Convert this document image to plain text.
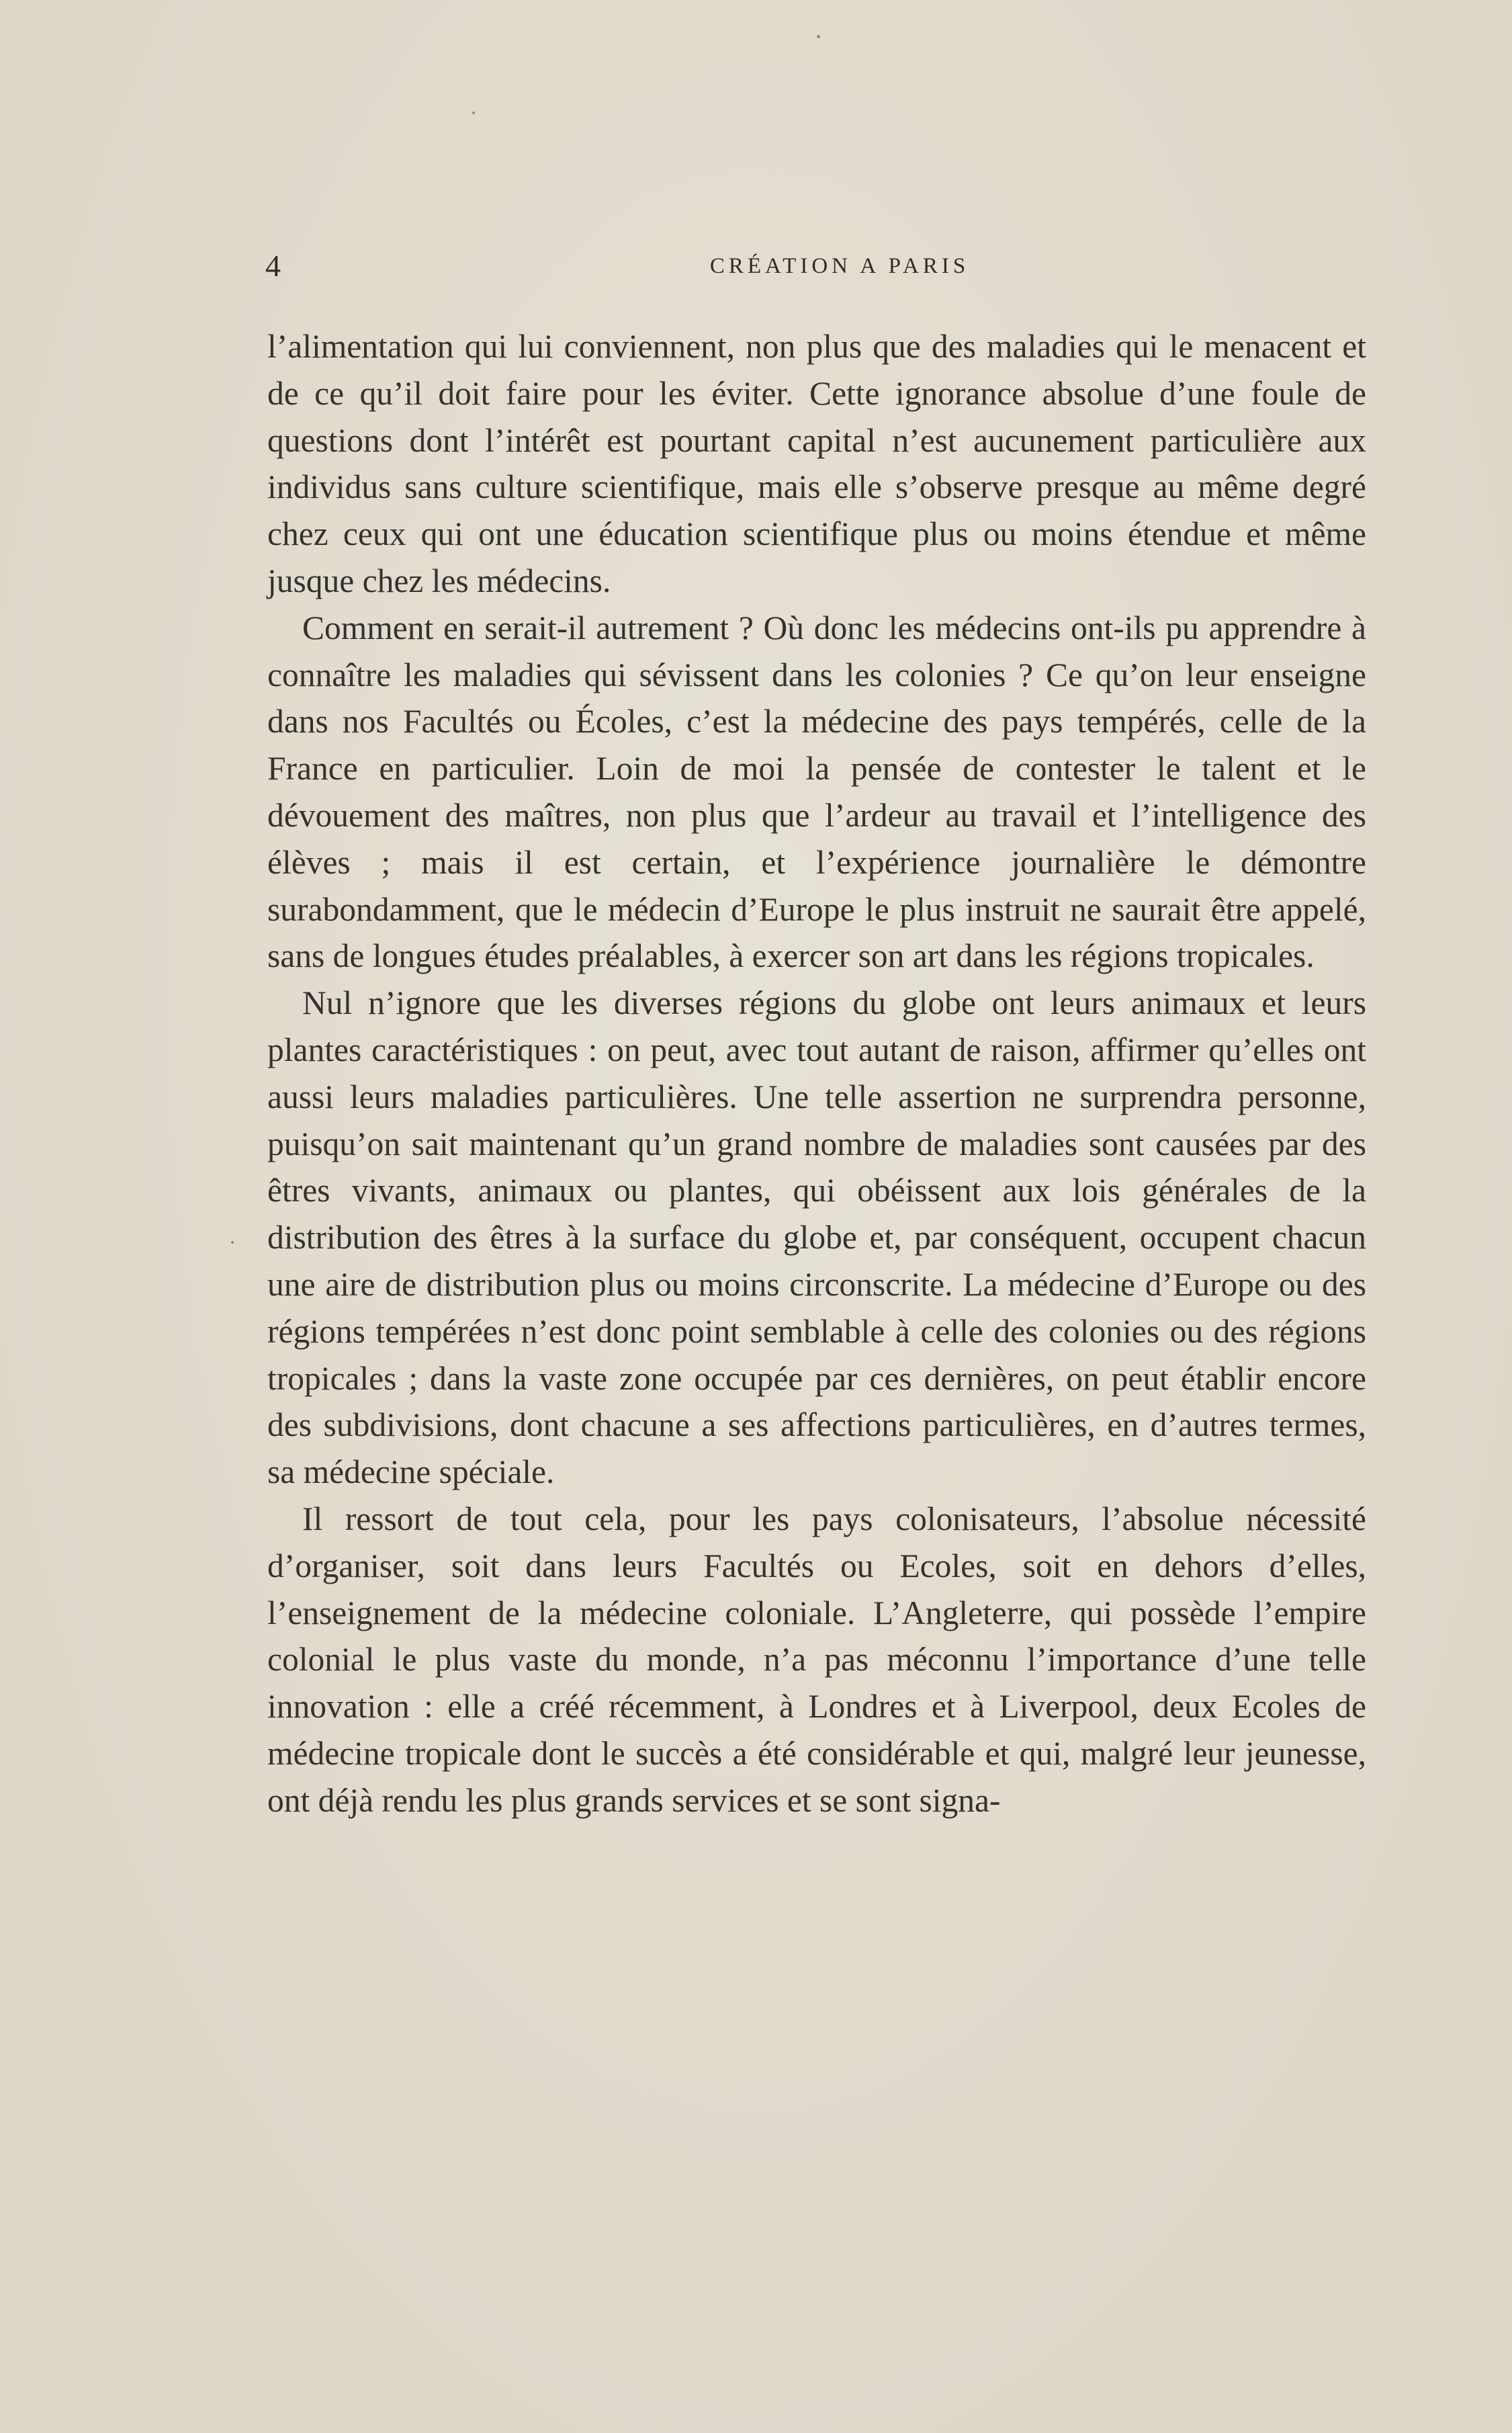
4	CRÉATION A PARIS

l’alimentation qui lui conviennent, non plus que des maladies qui le menacent et de ce qu’il doit faire pour les éviter. Cette ignorance absolue d’une foule de questions dont l’intérêt est pourtant capital n’est aucunement particulière aux individus sans culture scientifique, mais elle s’observe presque au même degré chez ceux qui ont une éducation scientifique plus ou moins étendue et même jusque chez les médecins.

Comment en serait-il autrement ? Où donc les médecins ont-ils pu apprendre à connaître les maladies qui sévissent dans les colonies ? Ce qu’on leur enseigne dans nos Facultés ou Écoles, c’est la médecine des pays tempérés, celle de la France en particulier. Loin de moi la pensée de contester le talent et le dévouement des maîtres, non plus que l’ardeur au travail et l’intelligence des élèves ; mais il est certain, et l’expérience journalière le démontre surabondamment, que le médecin d’Europe le plus instruit ne saurait être appelé, sans de longues études préalables, à exercer son art dans les régions tropicales.

Nul n’ignore que les diverses régions du globe ont leurs animaux et leurs plantes caractéristiques : on peut, avec tout autant de raison, affirmer qu’elles ont aussi leurs maladies particulières. Une telle assertion ne surprendra personne, puisqu’on sait maintenant qu’un grand nombre de maladies sont causées par des êtres vivants, animaux ou plantes, qui obéissent aux lois générales de la distribution des êtres à la surface du globe et, par conséquent, occupent chacun une aire de distribution plus ou moins circonscrite. La médecine d’Europe ou des régions tempérées n’est donc point semblable à celle des colonies ou des régions tropicales ; dans la vaste zone occupée par ces dernières, on peut établir encore des subdivisions, dont chacune a ses affections particulières, en d’autres termes, sa médecine spéciale.

Il ressort de tout cela, pour les pays colonisateurs, l’absolue nécessité d’organiser, soit dans leurs Facultés ou Ecoles, soit en dehors d’elles, l’enseignement de la médecine coloniale. L’Angleterre, qui possède l’empire colonial le plus vaste du monde, n’a pas méconnu l’importance d’une telle innovation : elle a créé récemment, à Londres et à Liverpool, deux Ecoles de médecine tropicale dont le succès a été considérable et qui, malgré leur jeunesse, ont déjà rendu les plus grands services et se sont signa-
